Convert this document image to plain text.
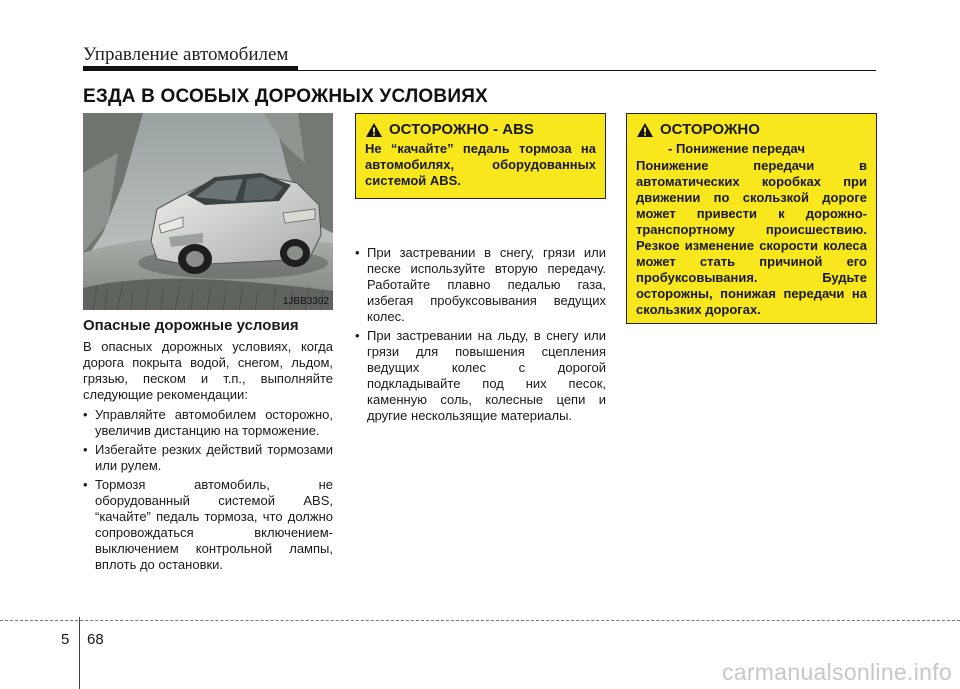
Управление автомобилем
ЕЗДА В ОСОБЫХ ДОРОЖНЫХ УСЛОВИЯХ
1JBB3302
Опасные дорожные условия

В опасных дорожных условиях, когда дорога покрыта водой, снегом, льдом, грязью, песком и т.п., выполняйте следующие рекомендации:

• Управляйте автомобилем осторожно, увеличив дистанцию на торможение.
• Избегайте резких действий тормозами или рулем.
• Тормозя автомобиль, не оборудованный системой ABS, “качайте” педаль тормоза, что должно сопровождаться включением-выключением контрольной лампы, вплоть до остановки.
ОСТОРОЖНО - ABS

Не “качайте” педаль тормоза на автомобилях, оборудованных системой ABS.

• При застревании в снегу, грязи или песке используйте вторую передачу. Работайте плавно педалью газа, избегая пробуксовывания ведущих колес.
• При застревании на льду, в снегу или грязи для повышения сцепления ведущих колес с дорогой подкладывайте под них песок, каменную соль, колесные цепи и другие нескользящие материалы.
ОСТОРОЖНО

- Понижение передач

Понижение передачи в автоматических коробках при движении по скользкой дороге может привести к дорожно-транспортному происшествию. Резкое изменение скорости колеса может стать причиной его пробуксовывания. Будьте осторожны, понижая передачи на скользких дорогах.

5 68
carmanualsonline.info
